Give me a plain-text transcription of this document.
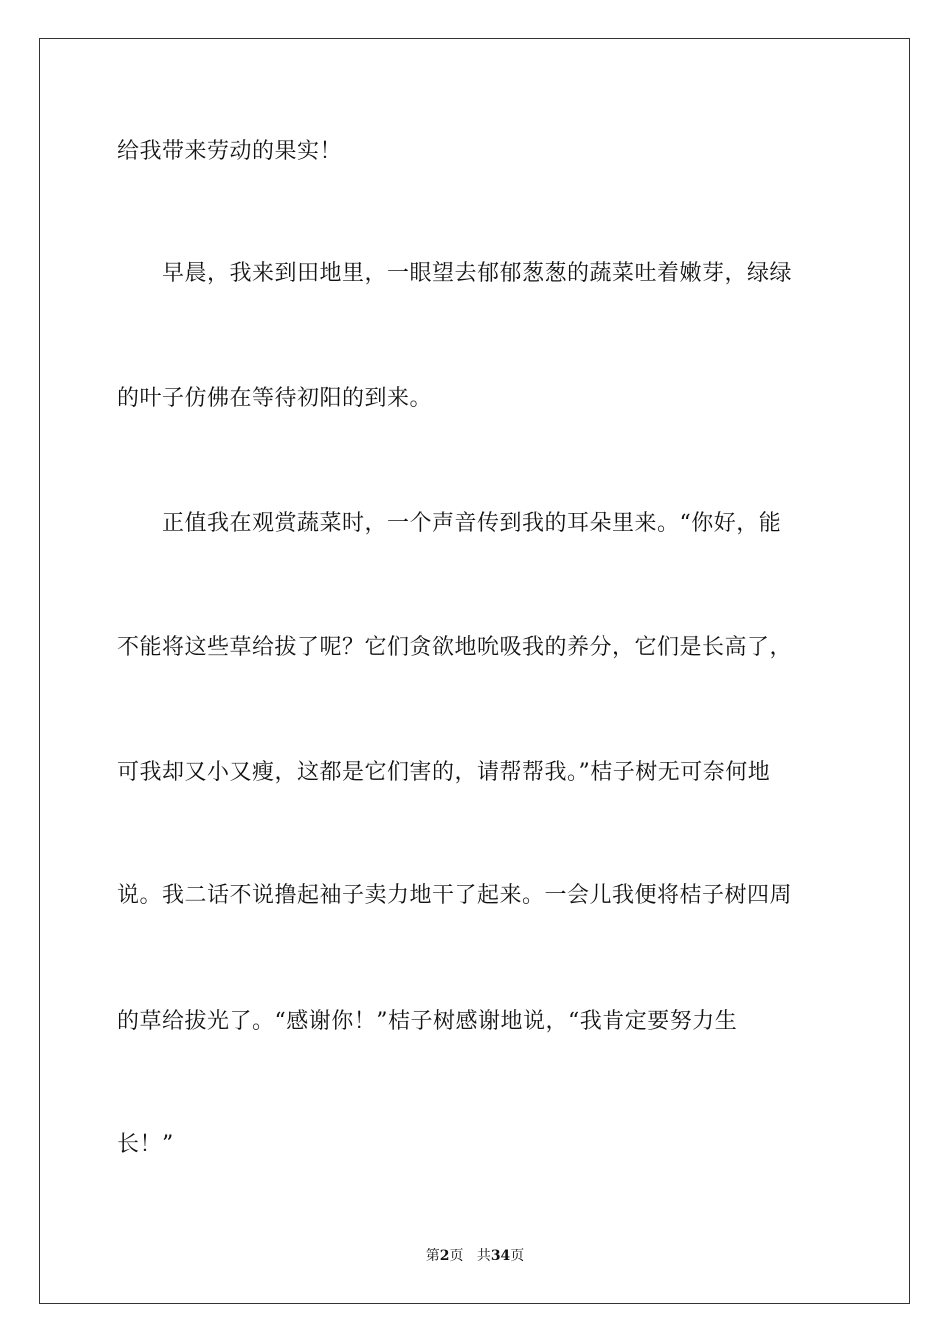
给我带来劳动的果实！
　　早晨，我来到田地里，一眼望去郁郁葱葱的蔬菜吐着嫩芽，绿绿
的叶子仿佛在等待初阳的到来。
　　正值我在观赏蔬菜时，一个声音传到我的耳朵里来。“你好，能
不能将这些草给拔了呢？它们贪欲地吮吸我的养分，它们是长高了，
可我却又小又瘦，这都是它们害的，请帮帮我。”桔子树无可奈何地
说。我二话不说撸起袖子卖力地干了起来。一会儿我便将桔子树四周
的草给拔光了。“感谢你！”桔子树感谢地说，“我肯定要努力生
长！”
第2页 共34页
